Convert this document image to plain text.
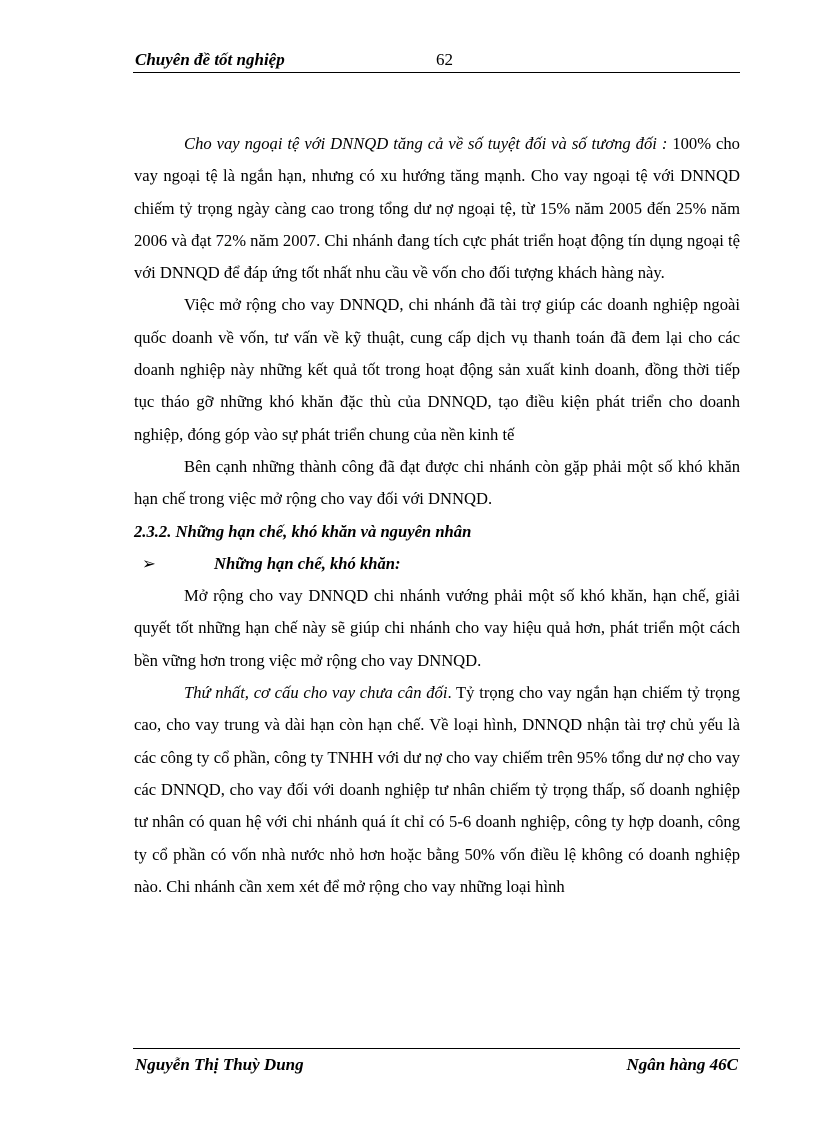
Chuyên đề tốt nghiệp	62

Cho vay ngoại tệ với DNNQD tăng cả về số tuyệt đối và số tương đối : 100% cho vay ngoại tệ là ngắn hạn, nhưng có xu hướng tăng mạnh. Cho vay ngoại tệ với DNNQD chiếm tỷ trọng ngày càng cao trong tổng dư nợ ngoại tệ, từ 15% năm 2005 đến 25% năm 2006 và đạt 72% năm 2007. Chi nhánh đang tích cực phát triển hoạt động tín dụng ngoại tệ với DNNQD để đáp ứng tốt nhất nhu cầu về vốn cho đối tượng khách hàng này.

Việc mở rộng cho vay DNNQD, chi nhánh đã tài trợ giúp các doanh nghiệp ngoài quốc doanh về vốn, tư vấn về kỹ thuật, cung cấp dịch vụ thanh toán đã đem lại cho các doanh nghiệp này những kết quả tốt trong hoạt động sản xuất kinh doanh, đồng thời tiếp tục tháo gỡ những khó khăn đặc thù của DNNQD, tạo điều kiện phát triển cho doanh nghiệp, đóng góp vào sự phát triển chung của nền kinh tế

Bên cạnh những thành công đã đạt được chi nhánh còn gặp phải một số khó khăn hạn chế trong việc mở rộng cho vay đối với DNNQD.

2.3.2. Những hạn chế, khó khăn và nguyên nhân

➢	Những hạn chế, khó khăn:

Mở rộng cho vay DNNQD chi nhánh vướng phải một số khó khăn, hạn chế, giải quyết tốt những hạn chế này sẽ giúp chi nhánh cho vay hiệu quả hơn, phát triển một cách bền vững hơn trong việc mở rộng cho vay DNNQD.

Thứ nhất, cơ cấu cho vay chưa cân đối. Tỷ trọng cho vay ngắn hạn chiếm tỷ trọng cao, cho vay trung và dài hạn còn hạn chế. Về loại hình, DNNQD nhận tài trợ chủ yếu là các công ty cổ phần, công ty TNHH với dư nợ cho vay chiếm trên 95% tổng dư nợ cho vay các DNNQD, cho vay đối với doanh nghiệp tư nhân chiếm tỷ trọng thấp, số doanh nghiệp tư nhân có quan hệ với chi nhánh quá ít chỉ có 5-6 doanh nghiệp, công ty hợp doanh, công ty cổ phần có vốn nhà nước nhỏ hơn hoặc bằng 50% vốn điều lệ không có doanh nghiệp nào. Chi nhánh cần xem xét để mở rộng cho vay những loại hình

Nguyễn Thị Thuỳ Dung	Ngân hàng 46C
